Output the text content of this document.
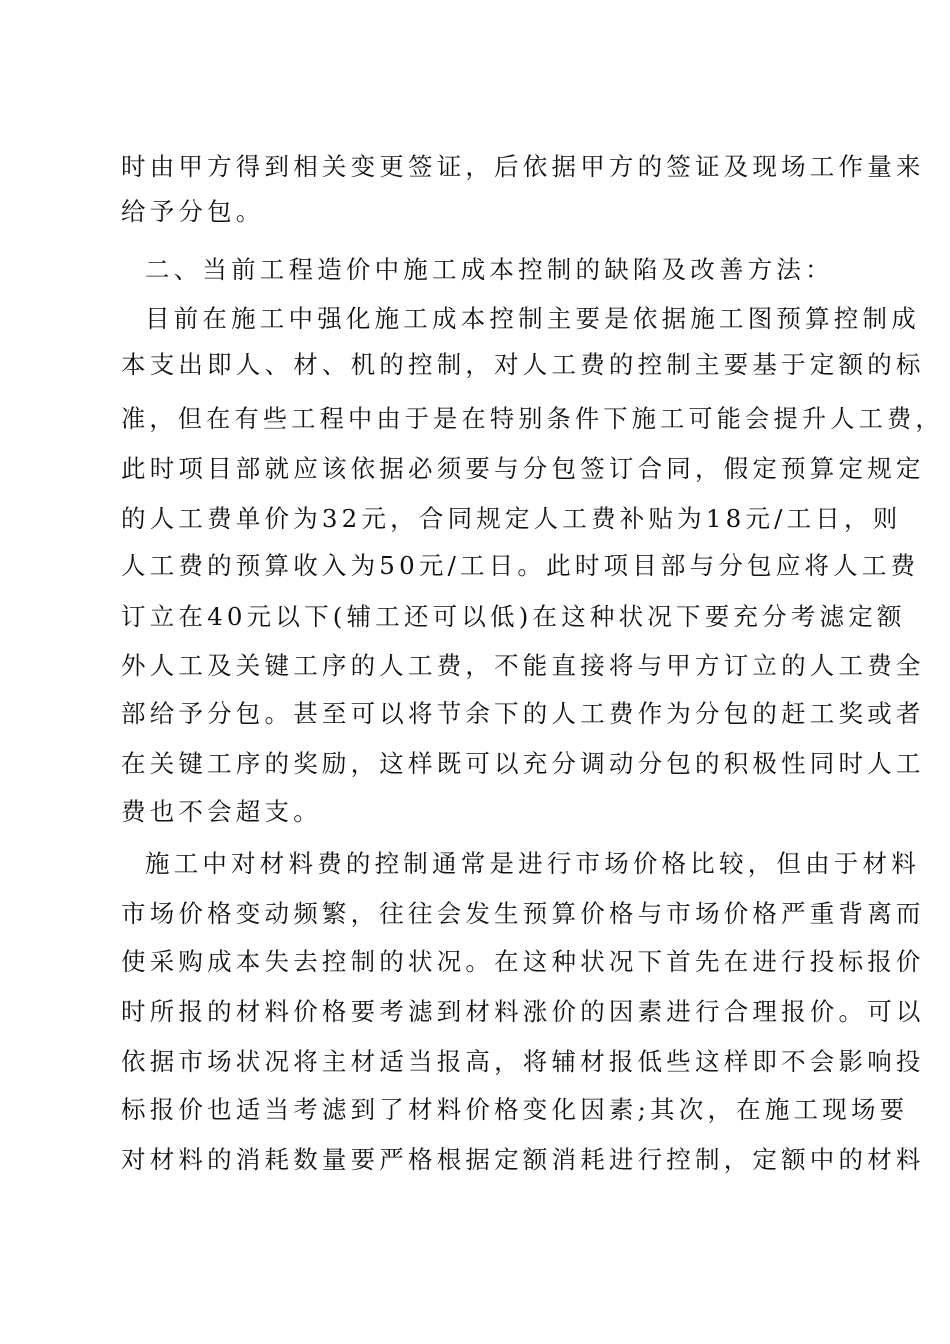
时由甲方得到相关变更签证，后依据甲方的签证及现场工作量来
给予分包。
二、当前工程造价中施工成本控制的缺陷及改善方法：
目前在施工中强化施工成本控制主要是依据施工图预算控制成
本支出即人、材、机的控制，对人工费的控制主要基于定额的标
准，但在有些工程中由于是在特别条件下施工可能会提升人工费，
此时项目部就应该依据必须要与分包签订合同，假定预算定规定
的人工费单价为32元，合同规定人工费补贴为18元/工日，则
人工费的预算收入为50元/工日。此时项目部与分包应将人工费
订立在40元以下(辅工还可以低)在这种状况下要充分考滤定额
外人工及关键工序的人工费，不能直接将与甲方订立的人工费全
部给予分包。甚至可以将节余下的人工费作为分包的赶工奖或者
在关键工序的奖励，这样既可以充分调动分包的积极性同时人工
费也不会超支。
施工中对材料费的控制通常是进行市场价格比较，但由于材料
市场价格变动频繁，往往会发生预算价格与市场价格严重背离而
使采购成本失去控制的状况。在这种状况下首先在进行投标报价
时所报的材料价格要考滤到材料涨价的因素进行合理报价。可以
依据市场状况将主材适当报高，将辅材报低些这样即不会影响投
标报价也适当考滤到了材料价格变化因素;其次，在施工现场要
对材料的消耗数量要严格根据定额消耗进行控制，定额中的材料
